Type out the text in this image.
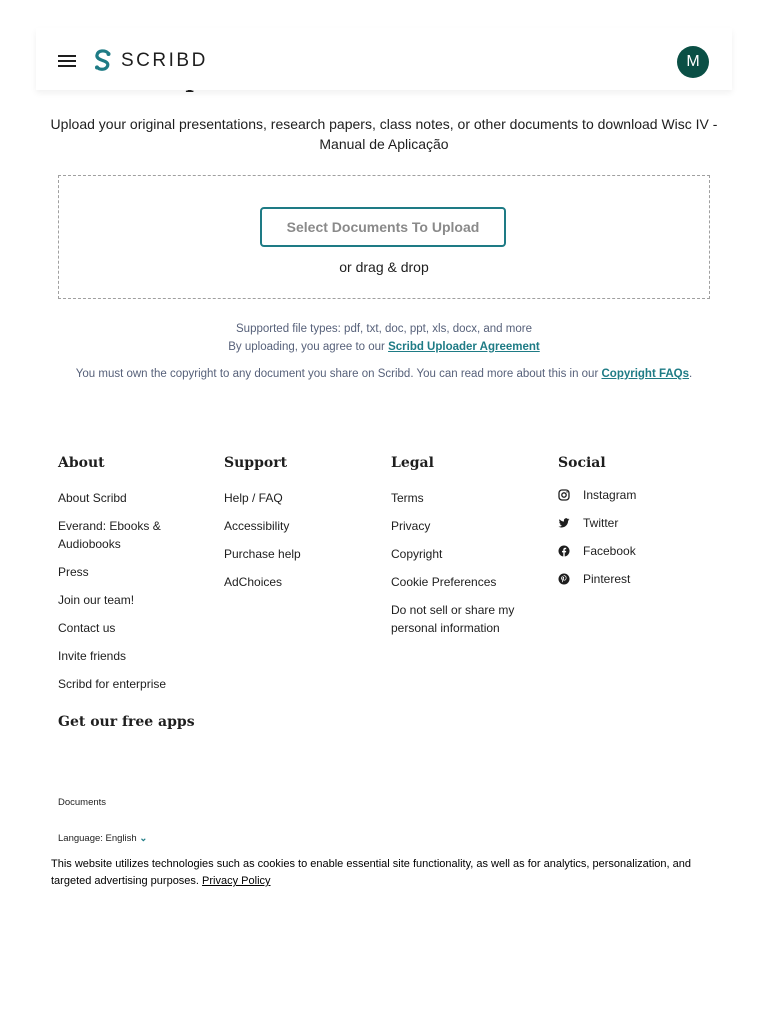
SCRIBD	M
Upload your original presentations, research papers, class notes, or other documents to download Wisc IV - Manual de Aplicação
Select Documents To Upload
or drag & drop
Supported file types: pdf, txt, doc, ppt, xls, docx, and more
By uploading, you agree to our Scribd Uploader Agreement
You must own the copyright to any document you share on Scribd. You can read more about this in our Copyright FAQs.
About
About Scribd
Everand: Ebooks & Audiobooks
Press
Join our team!
Contact us
Invite friends
Scribd for enterprise
Support
Help / FAQ
Accessibility
Purchase help
AdChoices
Legal
Terms
Privacy
Copyright
Cookie Preferences
Do not sell or share my personal information
Social
Instagram
Twitter
Facebook
Pinterest
Get our free apps
Documents
Language: English ⌄
This website utilizes technologies such as cookies to enable essential site functionality, as well as for analytics, personalization, and targeted advertising purposes. Privacy Policy
